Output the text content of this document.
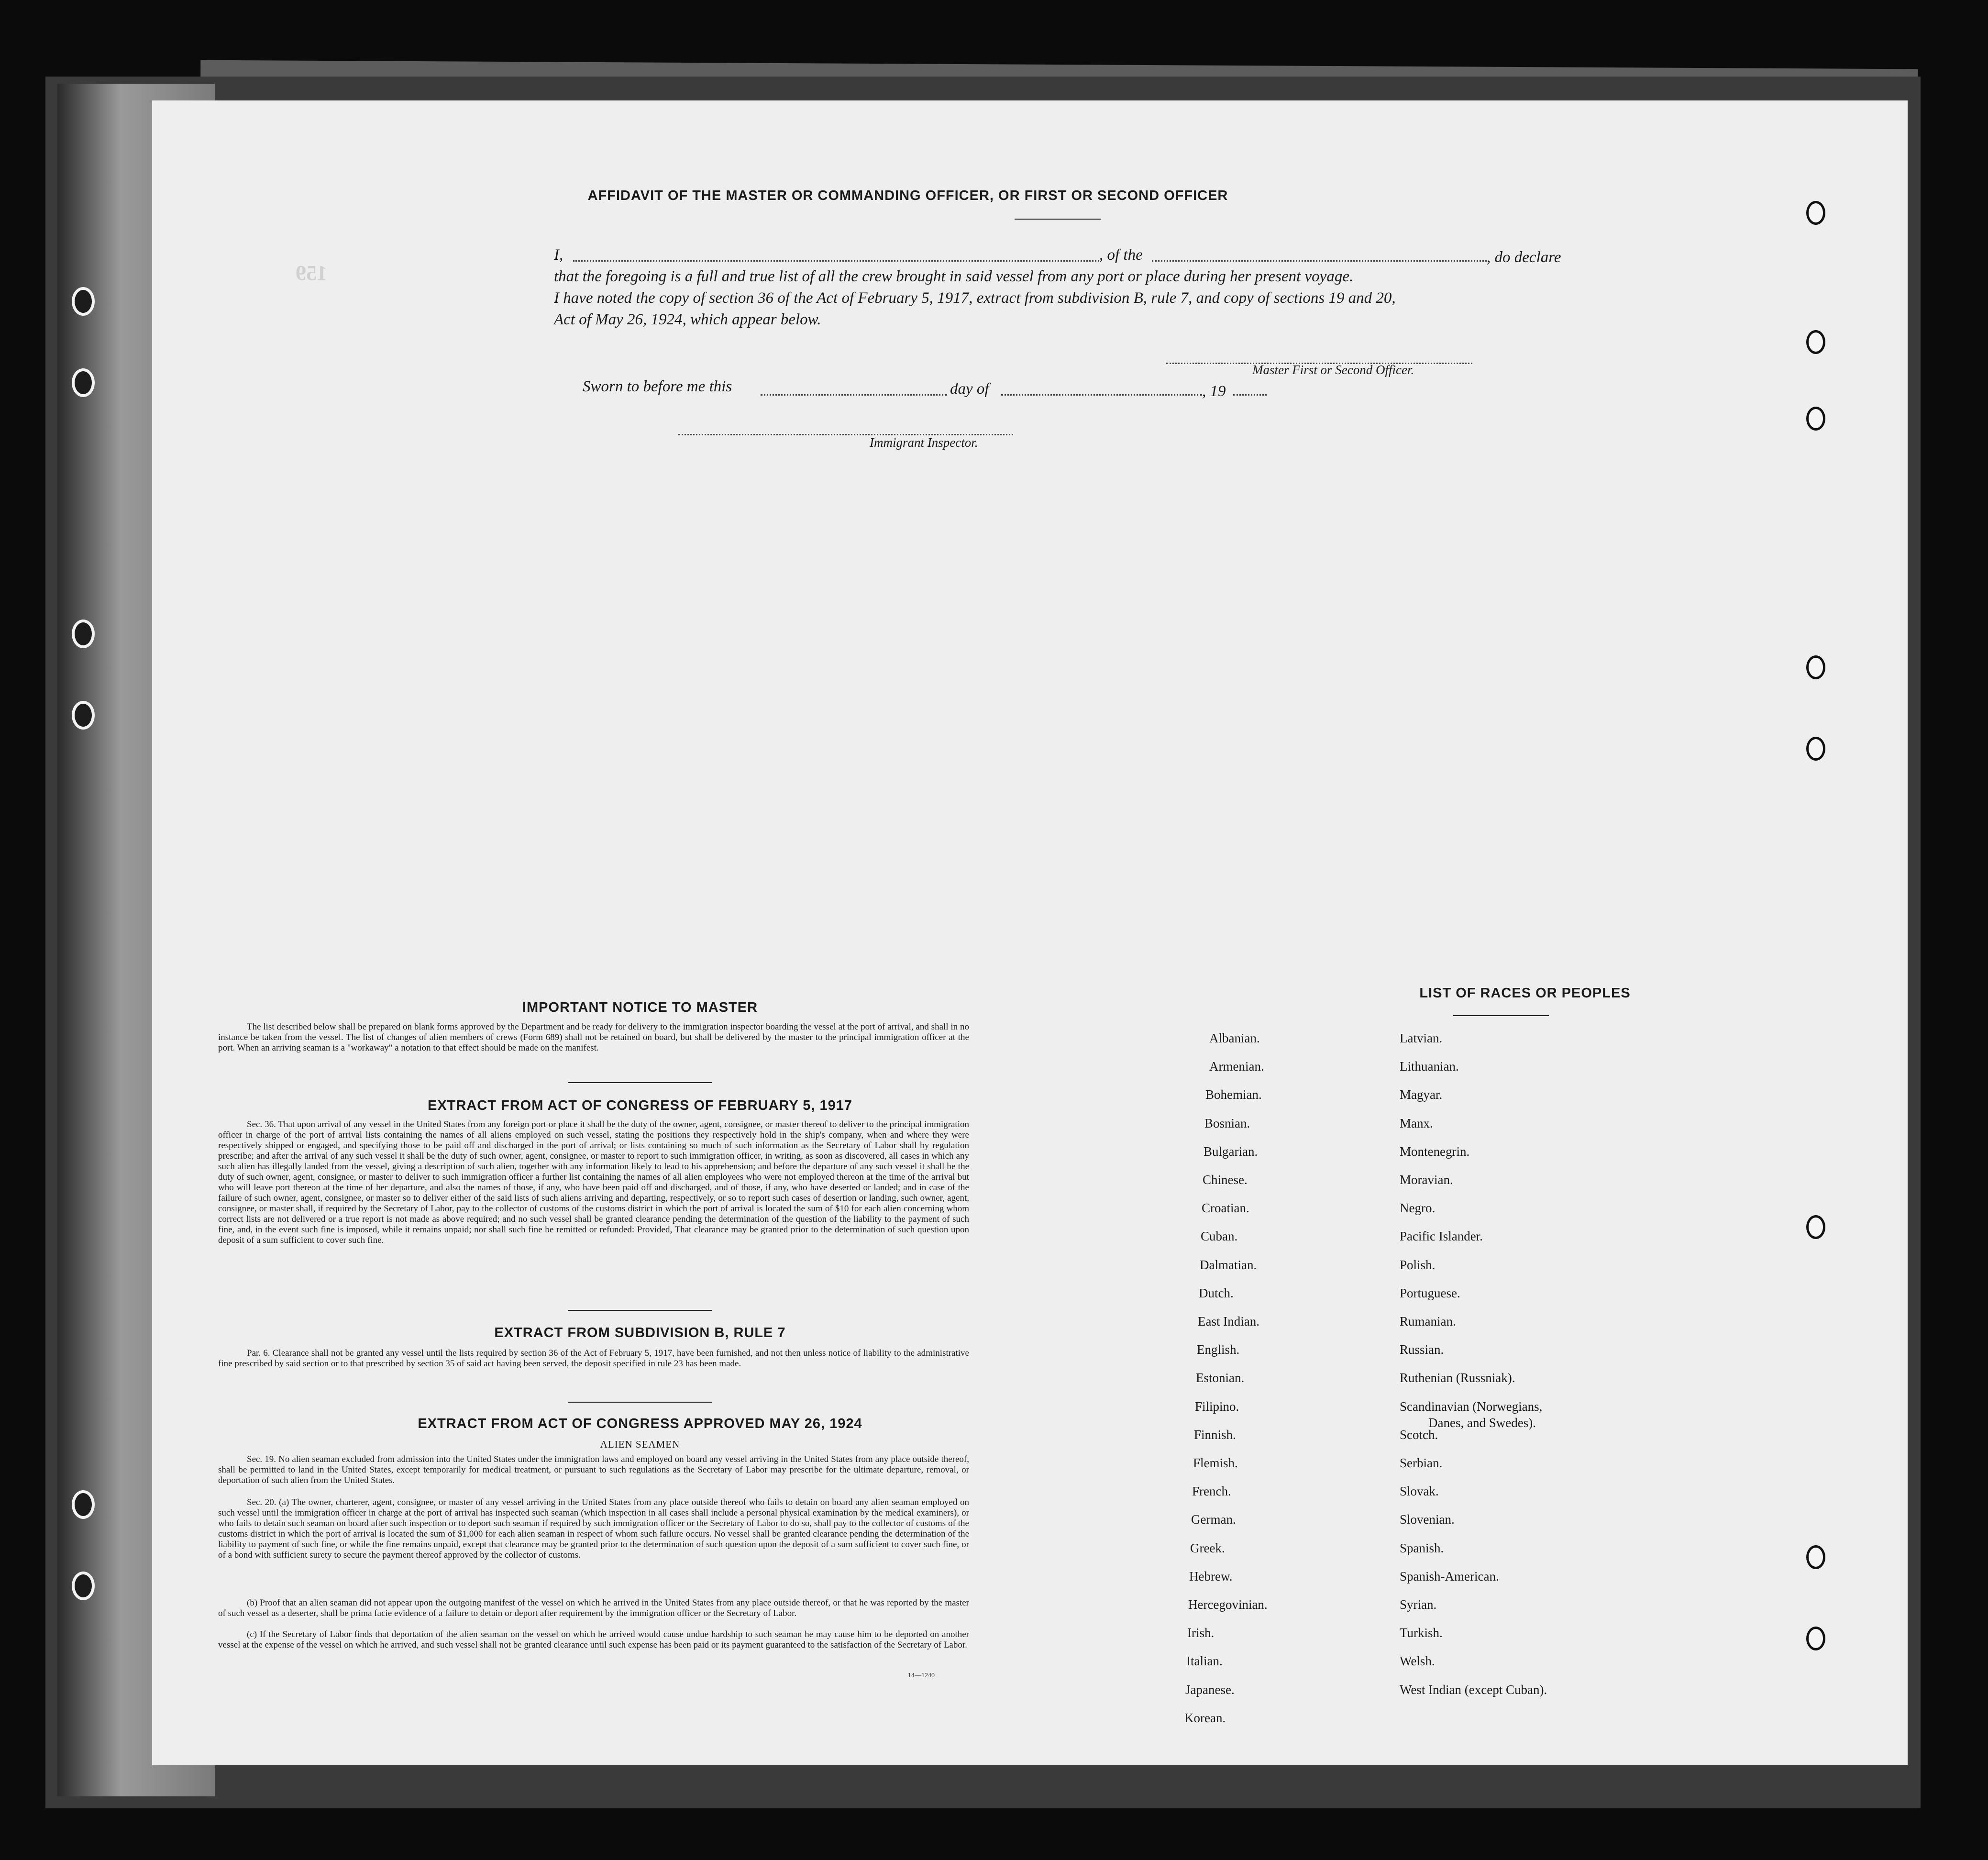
159
AFFIDAVIT OF THE MASTER OR COMMANDING OFFICER, OR FIRST OR SECOND OFFICER
I,	, of the	, do declare
that the foregoing is a full and true list of all the crew brought in said vessel from any port or place during her present voyage.
I have noted the copy of section 36 of the Act of February 5, 1917, extract from subdivision B, rule 7, and copy of sections 19 and 20,
Act of May 26, 1924, which appear below.
Master First or Second Officer.
Sworn to before me this	day of	, 19
Immigrant Inspector.
IMPORTANT NOTICE TO MASTER
The list described below shall be prepared on blank forms approved by the Department and be ready for delivery to the immigration inspector boarding the vessel at the port of arrival, and shall in no instance be taken from the vessel. The list of changes of alien members of crews (Form 689) shall not be retained on board, but shall be delivered by the master to the principal immigration officer at the port. When an arriving seaman is a "workaway" a notation to that effect should be made on the manifest.
EXTRACT FROM ACT OF CONGRESS OF FEBRUARY 5, 1917
Sec. 36. That upon arrival of any vessel in the United States from any foreign port or place it shall be the duty of the owner, agent, consignee, or master thereof to deliver to the principal immigration officer in charge of the port of arrival lists containing the names of all aliens employed on such vessel, stating the positions they respectively hold in the ship's company, when and where they were respectively shipped or engaged, and specifying those to be paid off and discharged in the port of arrival; or lists containing so much of such information as the Secretary of Labor shall by regulation prescribe; and after the arrival of any such vessel it shall be the duty of such owner, agent, consignee, or master to report to such immigration officer, in writing, as soon as discovered, all cases in which any such alien has illegally landed from the vessel, giving a description of such alien, together with any information likely to lead to his apprehension; and before the departure of any such vessel it shall be the duty of such owner, agent, consignee, or master to deliver to such immigration officer a further list containing the names of all alien employees who were not employed thereon at the time of the arrival but who will leave port thereon at the time of her departure, and also the names of those, if any, who have been paid off and discharged, and of those, if any, who have deserted or landed; and in case of the failure of such owner, agent, consignee, or master so to deliver either of the said lists of such aliens arriving and departing, respectively, or so to report such cases of desertion or landing, such owner, agent, consignee, or master shall, if required by the Secretary of Labor, pay to the collector of customs of the customs district in which the port of arrival is located the sum of $10 for each alien concerning whom correct lists are not delivered or a true report is not made as above required; and no such vessel shall be granted clearance pending the determination of the question of the liability to the payment of such fine, and, in the event such fine is imposed, while it remains unpaid; nor shall such fine be remitted or refunded: Provided, That clearance may be granted prior to the determination of such question upon deposit of a sum sufficient to cover such fine.
EXTRACT FROM SUBDIVISION B, RULE 7
Par. 6. Clearance shall not be granted any vessel until the lists required by section 36 of the Act of February 5, 1917, have been furnished, and not then unless notice of liability to the administrative fine prescribed by said section or to that prescribed by section 35 of said act having been served, the deposit specified in rule 23 has been made.
EXTRACT FROM ACT OF CONGRESS APPROVED MAY 26, 1924
ALIEN SEAMEN
Sec. 19. No alien seaman excluded from admission into the United States under the immigration laws and employed on board any vessel arriving in the United States from any place outside thereof, shall be permitted to land in the United States, except temporarily for medical treatment, or pursuant to such regulations as the Secretary of Labor may prescribe for the ultimate departure, removal, or deportation of such alien from the United States.
Sec. 20. (a) The owner, charterer, agent, consignee, or master of any vessel arriving in the United States from any place outside thereof who fails to detain on board any alien seaman employed on such vessel until the immigration officer in charge at the port of arrival has inspected such seaman (which inspection in all cases shall include a personal physical examination by the medical examiners), or who fails to detain such seaman on board after such inspection or to deport such seaman if required by such immigration officer or the Secretary of Labor to do so, shall pay to the collector of customs of the customs district in which the port of arrival is located the sum of $1,000 for each alien seaman in respect of whom such failure occurs. No vessel shall be granted clearance pending the determination of the liability to payment of such fine, or while the fine remains unpaid, except that clearance may be granted prior to the determination of such question upon the deposit of a sum sufficient to cover such fine, or of a bond with sufficient surety to secure the payment thereof approved by the collector of customs.
(b) Proof that an alien seaman did not appear upon the outgoing manifest of the vessel on which he arrived in the United States from any place outside thereof, or that he was reported by the master of such vessel as a deserter, shall be prima facie evidence of a failure to detain or deport after requirement by the immigration officer or the Secretary of Labor.
(c) If the Secretary of Labor finds that deportation of the alien seaman on the vessel on which he arrived would cause undue hardship to such seaman he may cause him to be deported on another vessel at the expense of the vessel on which he arrived, and such vessel shall not be granted clearance until such expense has been paid or its payment guaranteed to the satisfaction of the Secretary of Labor.
14—1240
LIST OF RACES OR PEOPLES
Albanian.
Armenian.
Bohemian.
Bosnian.
Bulgarian.
Chinese.
Croatian.
Cuban.
Dalmatian.
Dutch.
East Indian.
English.
Estonian.
Filipino.
Finnish.
Flemish.
French.
German.
Greek.
Hebrew.
Hercegovinian.
Irish.
Italian.
Japanese.
Korean.
Latvian.
Lithuanian.
Magyar.
Manx.
Montenegrin.
Moravian.
Negro.
Pacific Islander.
Polish.
Portuguese.
Rumanian.
Russian.
Ruthenian (Russniak).
Scandinavian (Norwegians,
Danes, and Swedes).
Scotch.
Serbian.
Slovak.
Slovenian.
Spanish.
Spanish-American.
Syrian.
Turkish.
Welsh.
West Indian (except Cuban).
